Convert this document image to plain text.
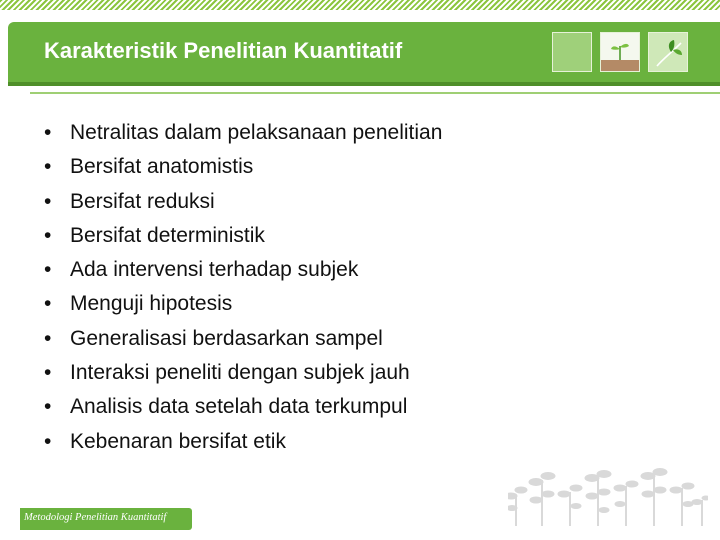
Karakteristik Penelitian Kuantitatif
• Netralitas dalam pelaksanaan penelitian
• Bersifat anatomistis
• Bersifat reduksi
• Bersifat deterministik
• Ada intervensi terhadap subjek
• Menguji hipotesis
• Generalisasi berdasarkan sampel
• Interaksi peneliti dengan subjek jauh
• Analisis data setelah data terkumpul
• Kebenaran bersifat etik
Metodologi Penelitian Kuantitatif
